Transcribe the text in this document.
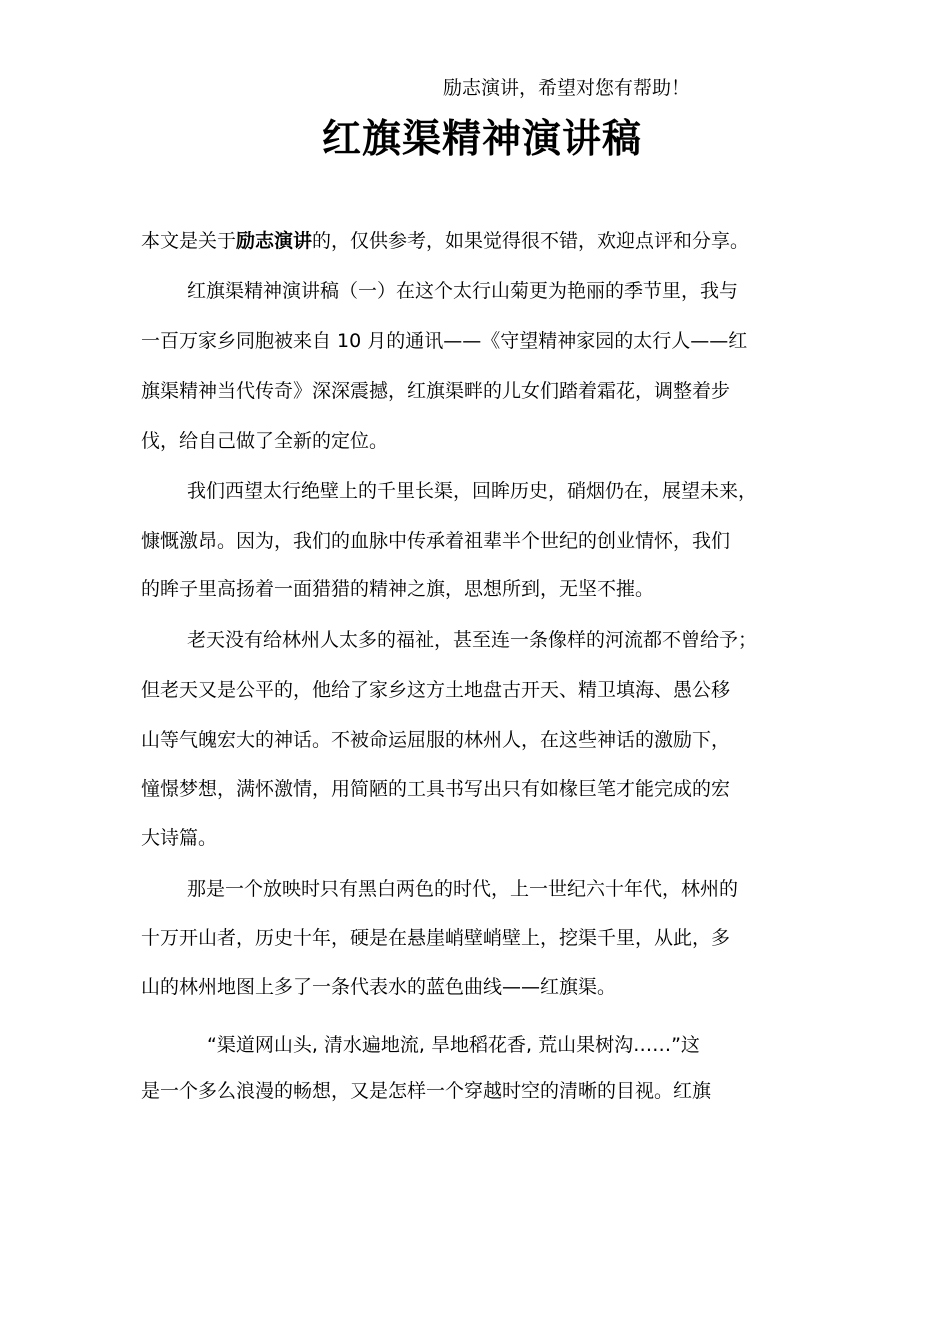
励志演讲，希望对您有帮助！
红旗渠精神演讲稿
本文是关于励志演讲的，仅供参考，如果觉得很不错，欢迎点评和分享。
红旗渠精神演讲稿（一）在这个太行山菊更为艳丽的季节里，我与
一百万家乡同胞被来自 10 月的通讯——《守望精神家园的太行人——红
旗渠精神当代传奇》深深震撼，红旗渠畔的儿女们踏着霜花，调整着步
伐，给自己做了全新的定位。
我们西望太行绝壁上的千里长渠，回眸历史，硝烟仍在，展望未来，
慷慨激昂。因为，我们的血脉中传承着祖辈半个世纪的创业情怀，我们
的眸子里高扬着一面猎猎的精神之旗，思想所到，无坚不摧。
老天没有给林州人太多的福祉，甚至连一条像样的河流都不曾给予；
但老天又是公平的，他给了家乡这方土地盘古开天、精卫填海、愚公移
山等气魄宏大的神话。不被命运屈服的林州人，在这些神话的激励下，
憧憬梦想，满怀激情，用简陋的工具书写出只有如椽巨笔才能完成的宏
大诗篇。
那是一个放映时只有黑白两色的时代，上一世纪六十年代，林州的
十万开山者，历史十年，硬是在悬崖峭壁峭壁上，挖渠千里，从此，多
山的林州地图上多了一条代表水的蓝色曲线——红旗渠。
“渠道网山头, 清水遍地流, 旱地稻花香, 荒山果树沟……”这
是一个多么浪漫的畅想，又是怎样一个穿越时空的清晰的目视。红旗
